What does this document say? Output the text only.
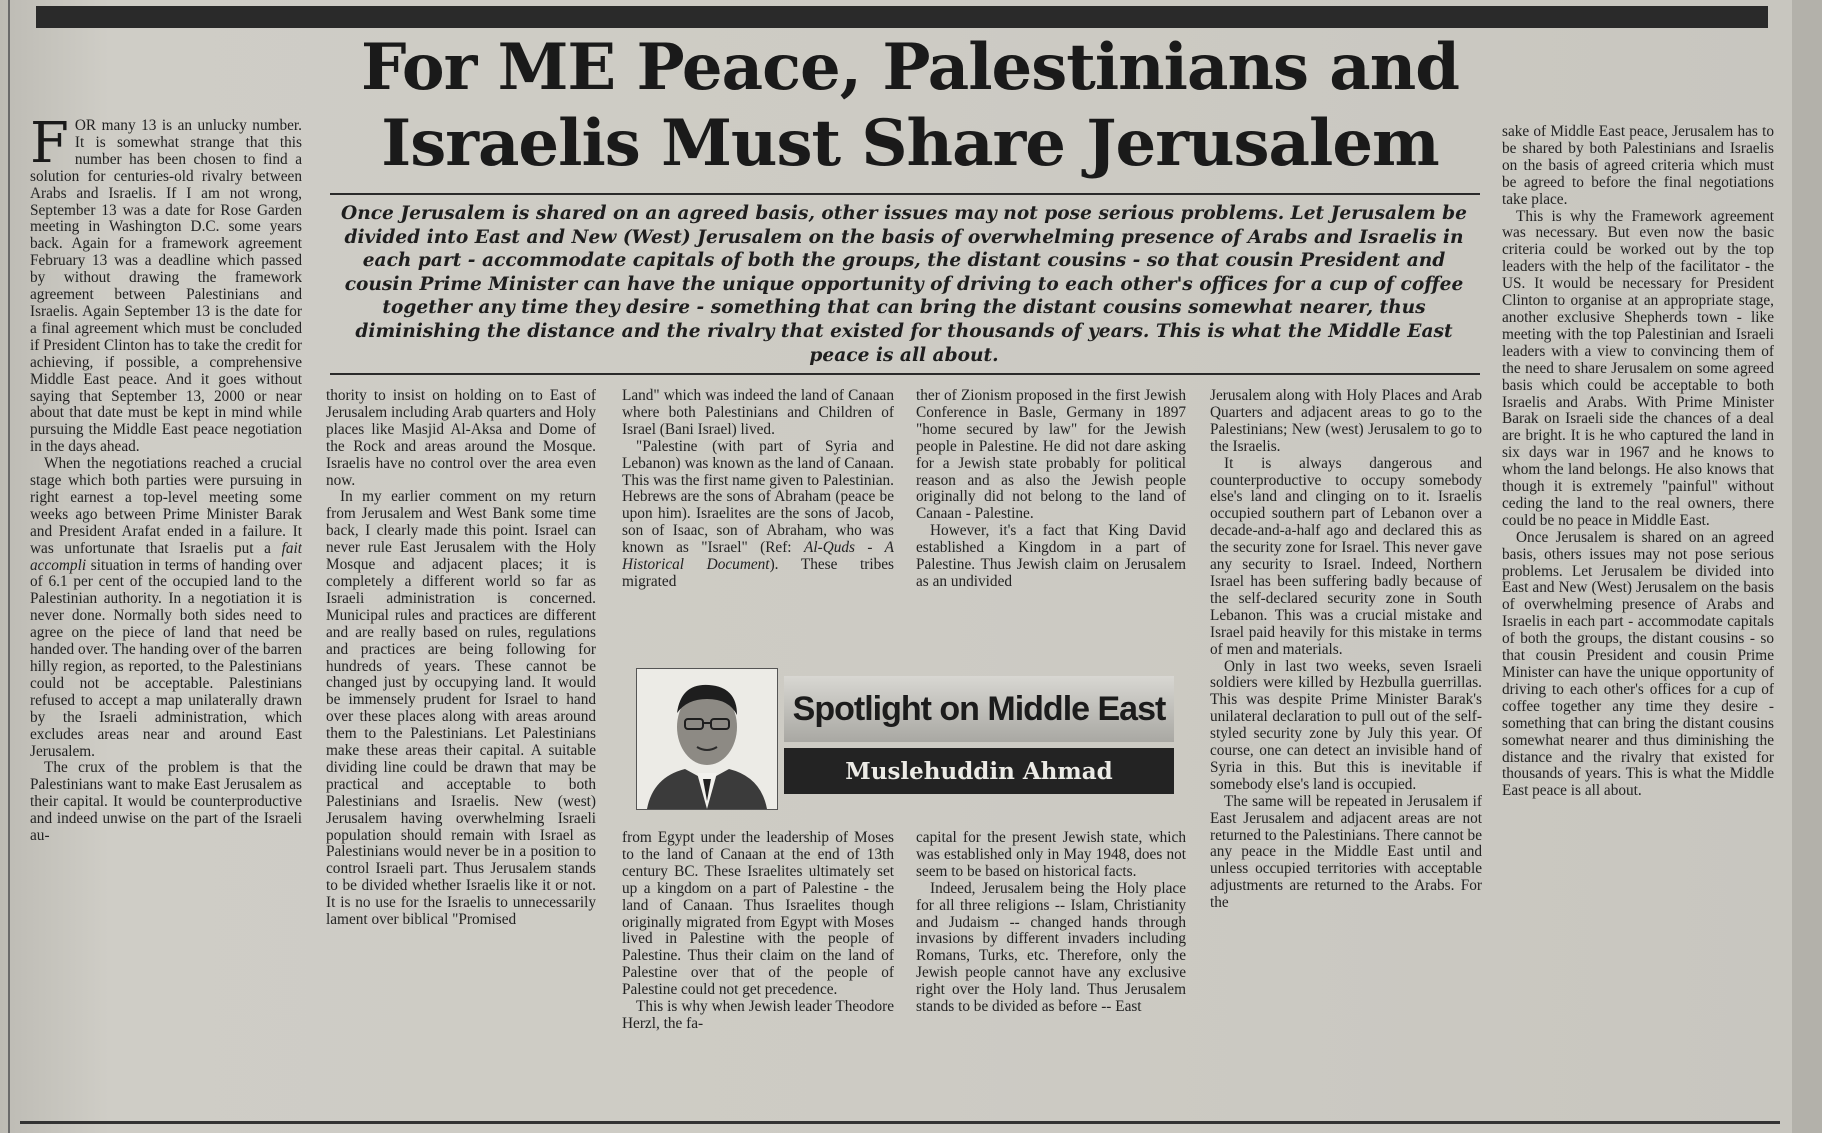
For ME Peace, Palestinians and
Israelis Must Share Jerusalem

Once Jerusalem is shared on an agreed basis, other issues may not pose serious problems. Let Jerusalem be divided into East and New (West) Jerusalem on the basis of overwhelming presence of Arabs and Israelis in each part - accommodate capitals of both the groups, the distant cousins - so that cousin President and cousin Prime Minister can have the unique opportunity of driving to each other's offices for a cup of coffee together any time they desire - something that can bring the distant cousins somewhat nearer, thus diminishing the distance and the rivalry that existed for thousands of years. This is what the Middle East peace is all about.

FOR many 13 is an unlucky number. It is somewhat strange that this number has been chosen to find a solution for centuries-old rivalry between Arabs and Israelis. If I am not wrong, September 13 was a date for Rose Garden meeting in Washington D.C. some years back. Again for a framework agreement February 13 was a deadline which passed by without drawing the framework agreement between Palestinians and Israelis. Again September 13 is the date for a final agreement which must be concluded if President Clinton has to take the credit for achieving, if possible, a comprehensive Middle East peace. And it goes without saying that September 13, 2000 or near about that date must be kept in mind while pursuing the Middle East peace negotiation in the days ahead.

When the negotiations reached a crucial stage which both parties were pursuing in right earnest a top-level meeting some weeks ago between Prime Minister Barak and President Arafat ended in a failure. It was unfortunate that Israelis put a fait accompli situation in terms of handing over of 6.1 per cent of the occupied land to the Palestinian authority. In a negotiation it is never done. Normally both sides need to agree on the piece of land that need be handed over. The handing over of the barren hilly region, as reported, to the Palestinians could not be acceptable. Palestinians refused to accept a map unilaterally drawn by the Israeli administration, which excludes areas near and around East Jerusalem.

The crux of the problem is that the Palestinians want to make East Jerusalem as their capital. It would be counterproductive and indeed unwise on the part of the Israeli au-

thority to insist on holding on to East of Jerusalem including Arab quarters and Holy places like Masjid Al-Aksa and Dome of the Rock and areas around the Mosque. Israelis have no control over the area even now.

In my earlier comment on my return from Jerusalem and West Bank some time back, I clearly made this point. Israel can never rule East Jerusalem with the Holy Mosque and adjacent places; it is completely a different world so far as Israeli administration is concerned. Municipal rules and practices are different and are really based on rules, regulations and practices are being following for hundreds of years. These cannot be changed just by occupying land. It would be immensely prudent for Israel to hand over these places along with areas around them to the Palestinians. Let Palestinians make these areas their capital. A suitable dividing line could be drawn that may be practical and acceptable to both Palestinians and Israelis. New (west) Jerusalem having overwhelming Israeli population should remain with Israel as Palestinians would never be in a position to control Israeli part. Thus Jerusalem stands to be divided whether Israelis like it or not. It is no use for the Israelis to unnecessarily lament over biblical "Promised

Land" which was indeed the land of Canaan where both Palestinians and Children of Israel (Bani Israel) lived.

"Palestine (with part of Syria and Lebanon) was known as the land of Canaan. This was the first name given to Palestinian. Hebrews are the sons of Abraham (peace be upon him). Israelites are the sons of Jacob, son of Isaac, son of Abraham, who was known as "Israel" (Ref: Al-Quds - A Historical Document). These tribes migrated

ther of Zionism proposed in the first Jewish Conference in Basle, Germany in 1897 "home secured by law" for the Jewish people in Palestine. He did not dare asking for a Jewish state probably for political reason and as also the Jewish people originally did not belong to the land of Canaan - Palestine.

However, it's a fact that King David established a Kingdom in a part of Palestine. Thus Jewish claim on Jerusalem as an undivided

Spotlight on Middle East
Muslehuddin Ahmad

from Egypt under the leadership of Moses to the land of Canaan at the end of 13th century BC. These Israelites ultimately set up a kingdom on a part of Palestine - the land of Canaan. Thus Israelites though originally migrated from Egypt with Moses lived in Palestine with the people of Palestine. Thus their claim on the land of Palestine over that of the people of Palestine could not get precedence.

This is why when Jewish leader Theodore Herzl, the fa-

capital for the present Jewish state, which was established only in May 1948, does not seem to be based on historical facts.

Indeed, Jerusalem being the Holy place for all three religions -- Islam, Christianity and Judaism -- changed hands through invasions by different invaders including Romans, Turks, etc. Therefore, only the Jewish people cannot have any exclusive right over the Holy land. Thus Jerusalem stands to be divided as before -- East

Jerusalem along with Holy Places and Arab Quarters and adjacent areas to go to the Palestinians; New (west) Jerusalem to go to the Israelis.

It is always dangerous and counterproductive to occupy somebody else's land and clinging on to it. Israelis occupied southern part of Lebanon over a decade-and-a-half ago and declared this as the security zone for Israel. This never gave any security to Israel. Indeed, Northern Israel has been suffering badly because of the self-declared security zone in South Lebanon. This was a crucial mistake and Israel paid heavily for this mistake in terms of men and materials.

Only in last two weeks, seven Israeli soldiers were killed by Hezbulla guerrillas. This was despite Prime Minister Barak's unilateral declaration to pull out of the self-styled security zone by July this year. Of course, one can detect an invisible hand of Syria in this. But this is inevitable if somebody else's land is occupied.

The same will be repeated in Jerusalem if East Jerusalem and adjacent areas are not returned to the Palestinians. There cannot be any peace in the Middle East until and unless occupied territories with acceptable adjustments are returned to the Arabs. For the

sake of Middle East peace, Jerusalem has to be shared by both Palestinians and Israelis on the basis of agreed criteria which must be agreed to before the final negotiations take place.

This is why the Framework agreement was necessary. But even now the basic criteria could be worked out by the top leaders with the help of the facilitator - the US. It would be necessary for President Clinton to organise at an appropriate stage, another exclusive Shepherds town - like meeting with the top Palestinian and Israeli leaders with a view to convincing them of the need to share Jerusalem on some agreed basis which could be acceptable to both Israelis and Arabs. With Prime Minister Barak on Israeli side the chances of a deal are bright. It is he who captured the land in six days war in 1967 and he knows to whom the land belongs. He also knows that though it is extremely "painful" without ceding the land to the real owners, there could be no peace in Middle East.

Once Jerusalem is shared on an agreed basis, others issues may not pose serious problems. Let Jerusalem be divided into East and New (West) Jerusalem on the basis of overwhelming presence of Arabs and Israelis in each part - accommodate capitals of both the groups, the distant cousins - so that cousin President and cousin Prime Minister can have the unique opportunity of driving to each other's offices for a cup of coffee together any time they desire - something that can bring the distant cousins somewhat nearer and thus diminishing the distance and the rivalry that existed for thousands of years. This is what the Middle East peace is all about.
